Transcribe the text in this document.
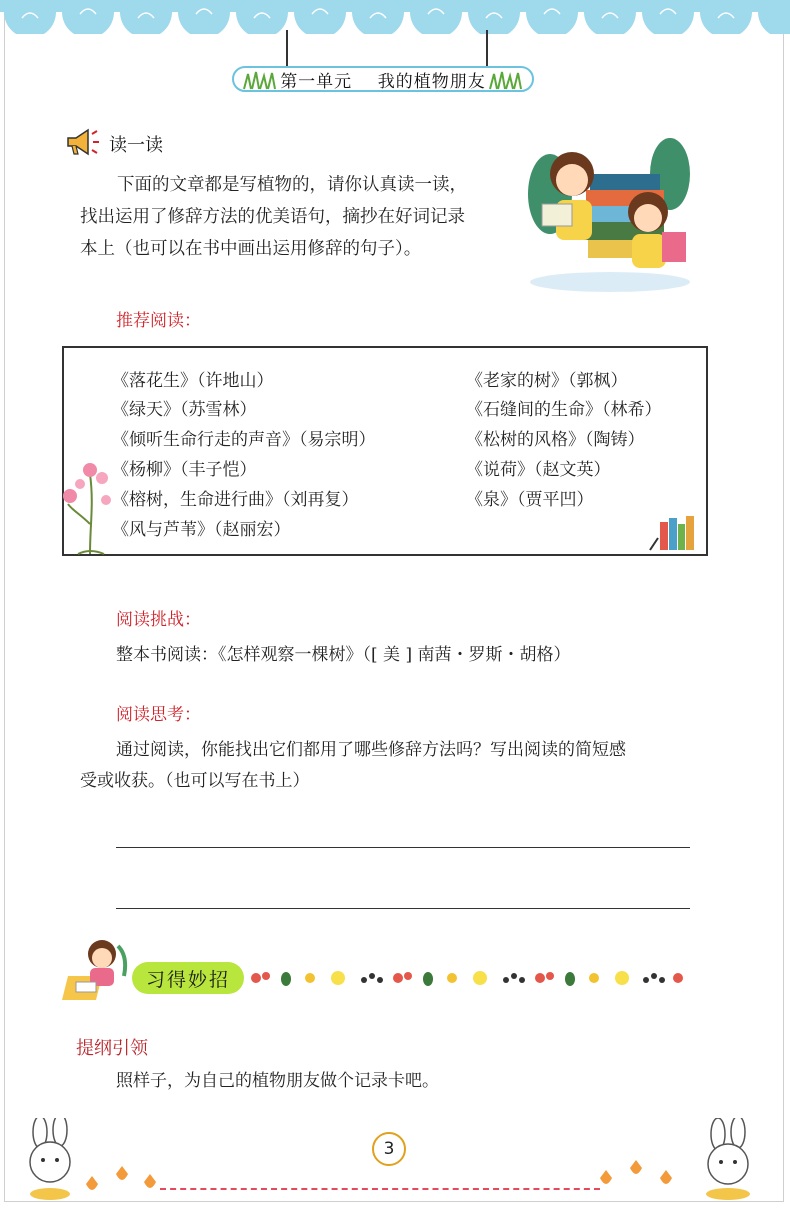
第一单元    我的植物朋友
读一读
下面的文章都是写植物的，请你认真读一读，
找出运用了修辞方法的优美语句，摘抄在好词记录
本上（也可以在书中画出运用修辞的句子）。
推荐阅读：
《落花生》（许地山）
《绿天》（苏雪林）
《倾听生命行走的声音》（易宗明）
《杨柳》（丰子恺）
《榕树，生命进行曲》（刘再复）
《风与芦苇》（赵丽宏）
《老家的树》（郭枫）
《石缝间的生命》（林希）
《松树的风格》（陶铸）
《说荷》（赵文英）
《泉》（贾平凹）
阅读挑战：
整本书阅读：《怎样观察一棵树》（[ 美 ] 南茜・罗斯・胡格）
阅读思考：
通过阅读，你能找出它们都用了哪些修辞方法吗？写出阅读的简短感
受或收获。（也可以写在书上）
习得妙招
提纲引领
照样子，为自己的植物朋友做个记录卡吧。
3
